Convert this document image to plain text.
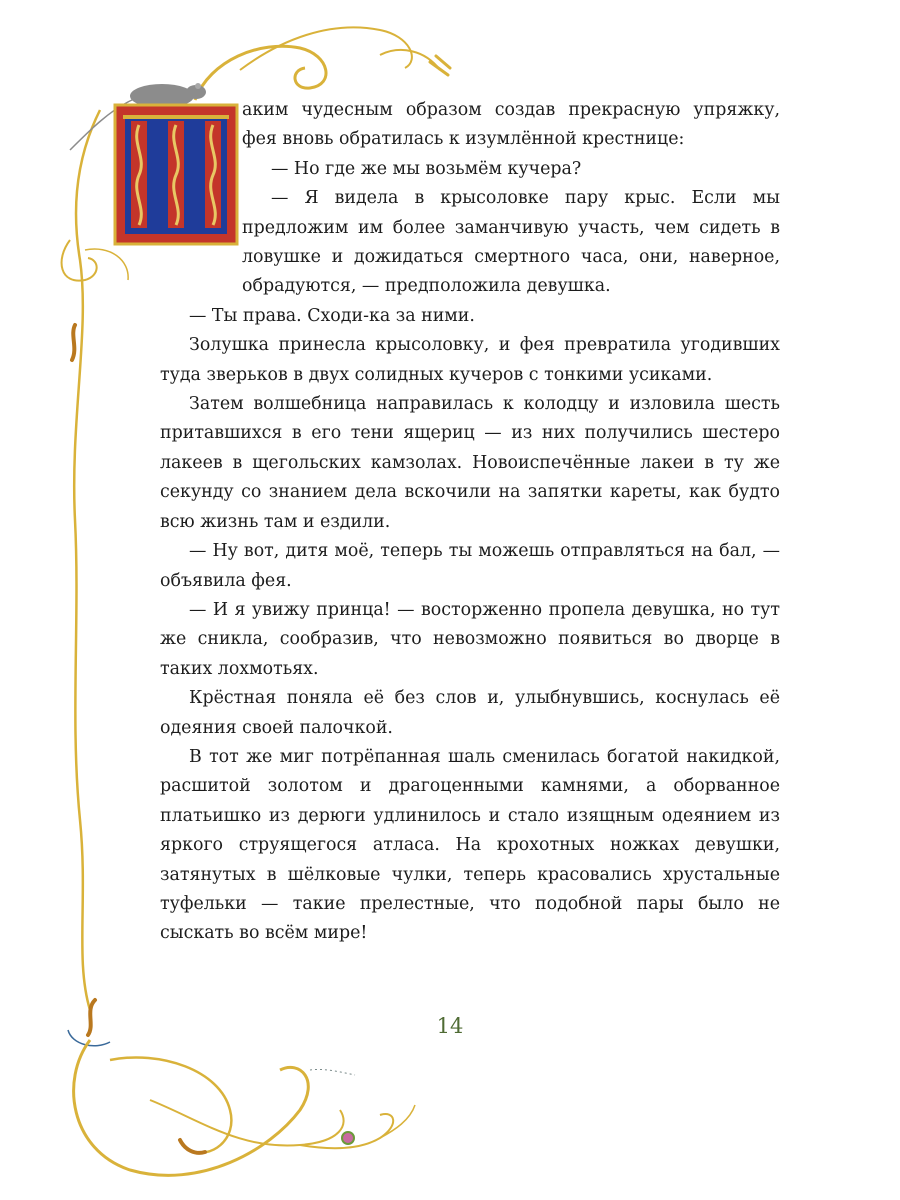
аким чудесным образом создав прекрасную упряжку, фея вновь обратилась к изумлённой крестнице:

— Но где же мы возьмём кучера?

— Я видела в крысоловке пару крыс. Если мы предложим им более заманчивую участь, чем сидеть в ловушке и дожидаться смертного часа, они, наверное, обрадуются, — предположила девушка.

— Ты права. Сходи-ка за ними.

Золушка принесла крысоловку, и фея превратила угодивших туда зверьков в двух солидных кучеров с тонкими усиками.

Затем волшебница направилась к колодцу и изловила шесть притавшихся в его тени ящериц — из них получились шестеро лакеев в щегольских камзолах. Новоиспечённые лакеи в ту же секунду со знанием дела вскочили на запятки кареты, как будто всю жизнь там и ездили.

— Ну вот, дитя моё, теперь ты можешь отправляться на бал, — объявила фея.

— И я увижу принца! — восторженно пропела девушка, но тут же сникла, сообразив, что невозможно появиться во дворце в таких лохмотьях.

Крёстная поняла её без слов и, улыбнувшись, коснулась её одеяния своей палочкой.

В тот же миг потрёпанная шаль сменилась богатой накидкой, расшитой золотом и драгоценными камнями, а оборванное платьишко из дерюги удлинилось и стало изящным одеянием из яркого струящегося атласа. На крохотных ножках девушки, затянутых в шёлковые чулки, теперь красовались хрустальные туфельки — такие прелестные, что подобной пары было не сыскать во всём мире!

14
